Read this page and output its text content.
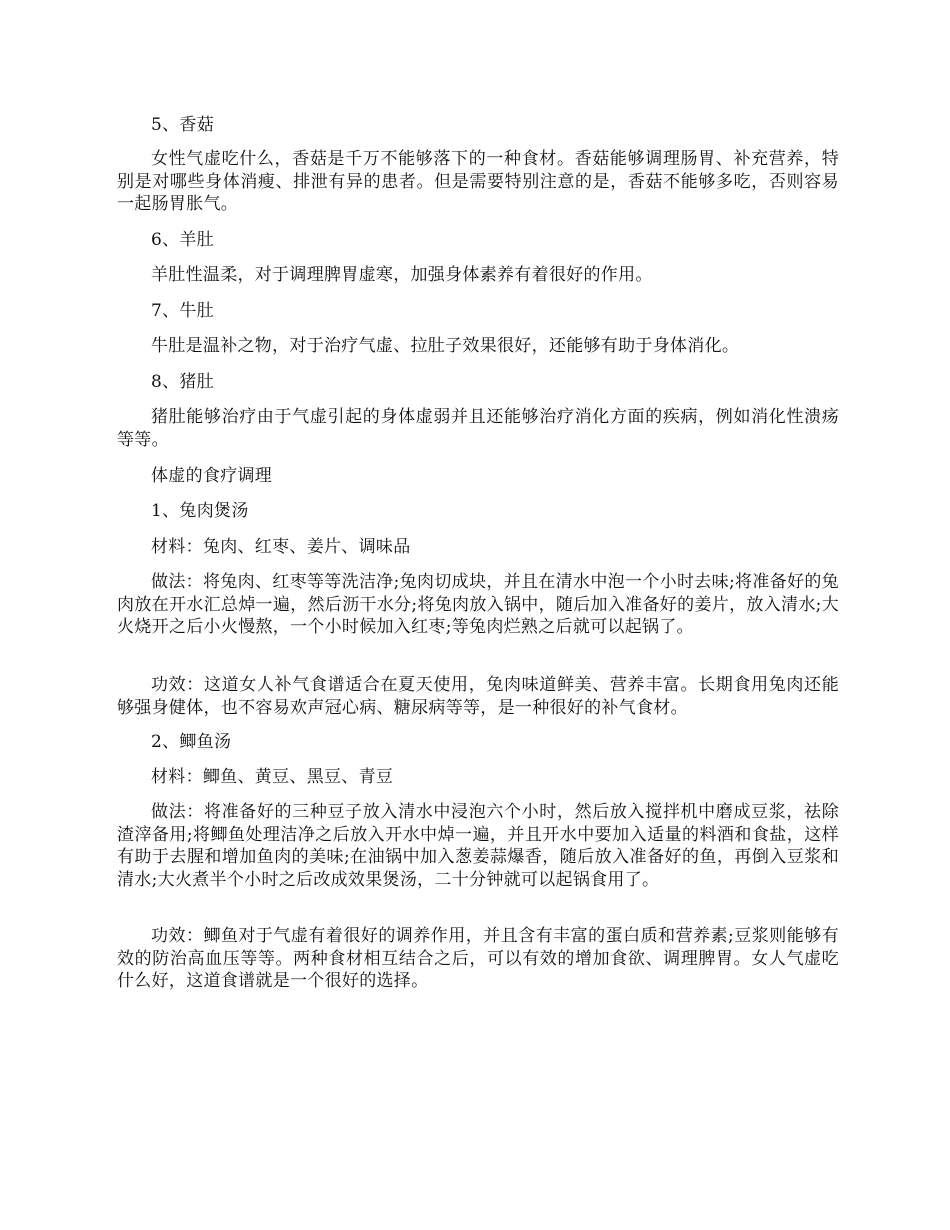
5、香菇

女性气虚吃什么，香菇是千万不能够落下的一种食材。香菇能够调理肠胃、补充营养，特别是对哪些身体消瘦、排泄有异的患者。但是需要特别注意的是，香菇不能够多吃，否则容易一起肠胃胀气。

6、羊肚

羊肚性温柔，对于调理脾胃虚寒，加强身体素养有着很好的作用。

7、牛肚

牛肚是温补之物，对于治疗气虚、拉肚子效果很好，还能够有助于身体消化。

8、猪肚

猪肚能够治疗由于气虚引起的身体虚弱并且还能够治疗消化方面的疾病，例如消化性溃疡等等。

体虚的食疗调理

1、兔肉煲汤

材料：兔肉、红枣、姜片、调味品

做法：将兔肉、红枣等等洗洁净;兔肉切成块，并且在清水中泡一个小时去味;将准备好的兔肉放在开水汇总焯一遍，然后沥干水分;将兔肉放入锅中，随后加入准备好的姜片，放入清水;大火烧开之后小火慢熬，一个小时候加入红枣;等兔肉烂熟之后就可以起锅了。

功效：这道女人补气食谱适合在夏天使用，兔肉味道鲜美、营养丰富。长期食用兔肉还能够强身健体，也不容易欢声冠心病、糖尿病等等，是一种很好的补气食材。

2、鲫鱼汤

材料：鲫鱼、黄豆、黑豆、青豆

做法：将准备好的三种豆子放入清水中浸泡六个小时，然后放入搅拌机中磨成豆浆，祛除渣滓备用;将鲫鱼处理洁净之后放入开水中焯一遍，并且开水中要加入适量的料酒和食盐，这样有助于去腥和增加鱼肉的美味;在油锅中加入葱姜蒜爆香，随后放入准备好的鱼，再倒入豆浆和清水;大火煮半个小时之后改成效果煲汤，二十分钟就可以起锅食用了。

功效：鲫鱼对于气虚有着很好的调养作用，并且含有丰富的蛋白质和营养素;豆浆则能够有效的防治高血压等等。两种食材相互结合之后，可以有效的增加食欲、调理脾胃。女人气虚吃什么好，这道食谱就是一个很好的选择。
